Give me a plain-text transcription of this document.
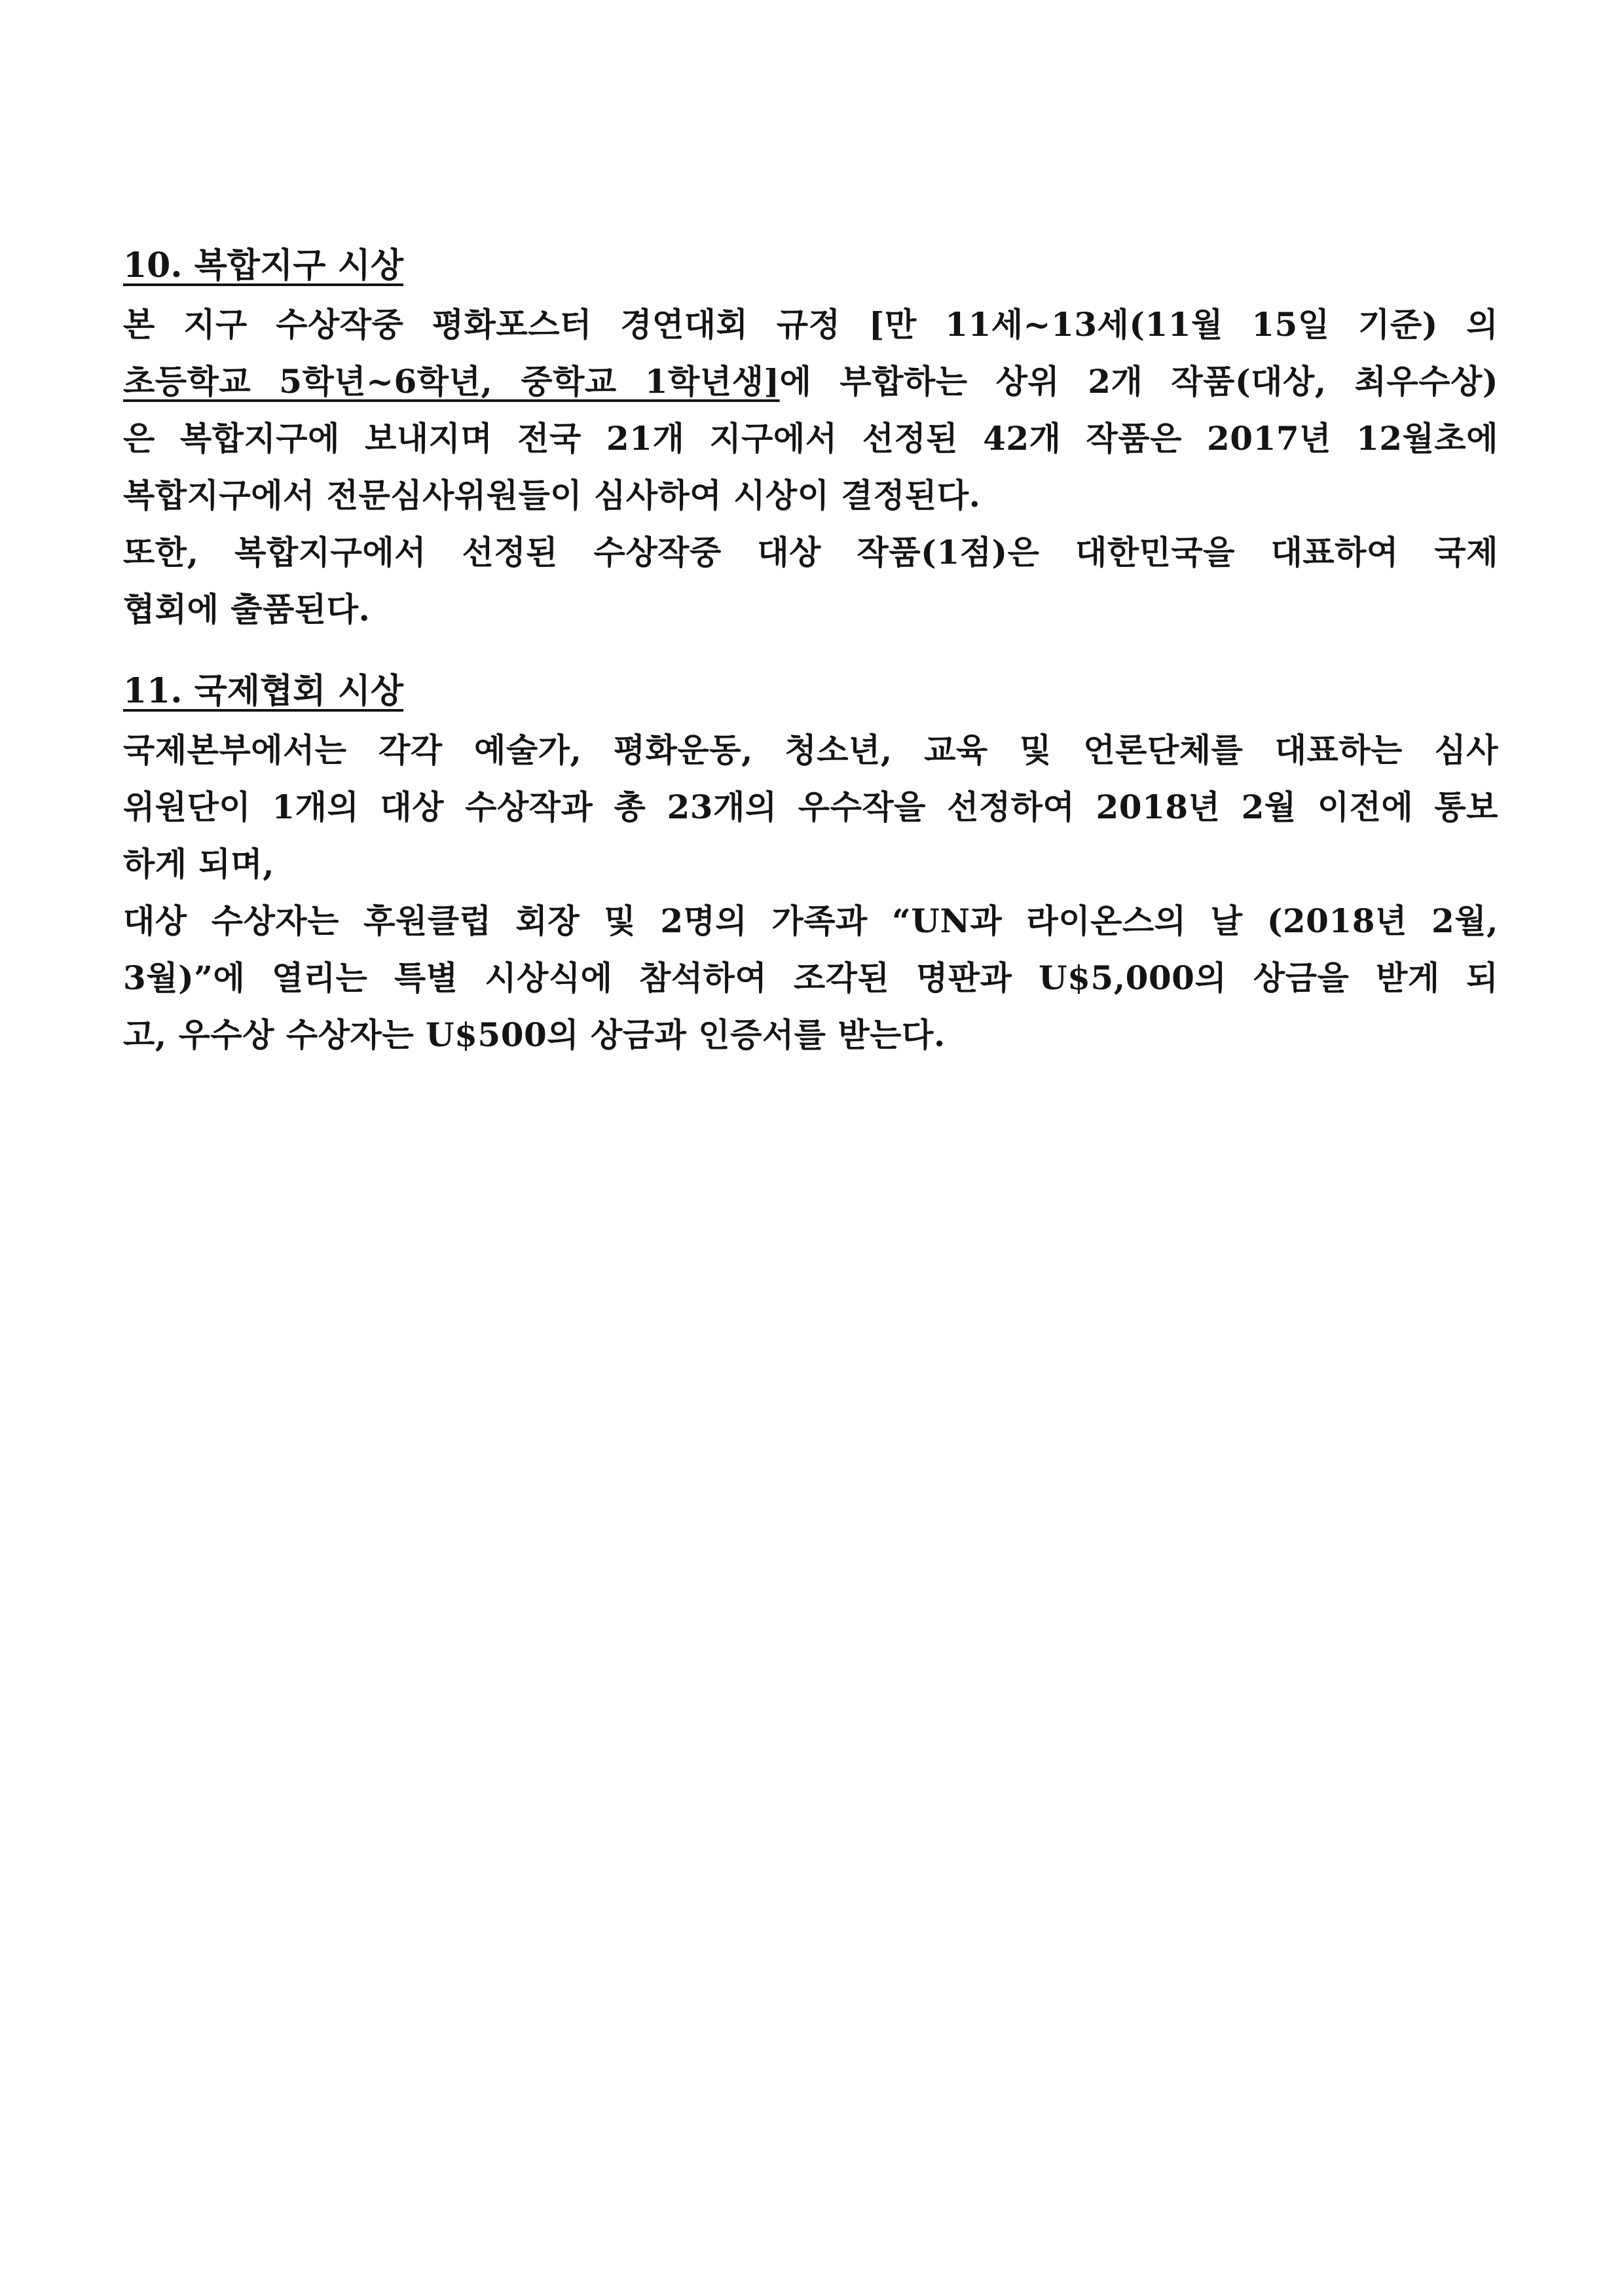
10. 복합지구 시상
본 지구 수상작중 평화포스터 경연대회 규정 [만 11세~13세(11월 15일 기준) 의
초등학교 5학년~6학년, 중학교 1학년생]에 부합하는 상위 2개 작품(대상, 최우수상)
은 복합지구에 보내지며 전국 21개 지구에서 선정된 42개 작품은 2017년 12월초에
복합지구에서 전문심사위원들이 심사하여 시상이 결정된다.
또한, 복합지구에서 선정된 수상작중 대상 작품(1점)은 대한민국을 대표하여 국제
협회에 출품된다.
11. 국제협회 시상
국제본부에서는 각각 예술가, 평화운동, 청소년, 교육 및 언론단체를 대표하는 심사
위원단이 1개의 대상 수상작과 총 23개의 우수작을 선정하여 2018년 2월 이전에 통보
하게 되며,
대상 수상자는 후원클럽 회장 및 2명의 가족과 “UN과 라이온스의 날 (2018년 2월,
3월)”에 열리는 특별 시상식에 참석하여 조각된 명판과 U$5,000의 상금을 받게 되
고, 우수상 수상자는 U$500의 상금과 인증서를 받는다.
